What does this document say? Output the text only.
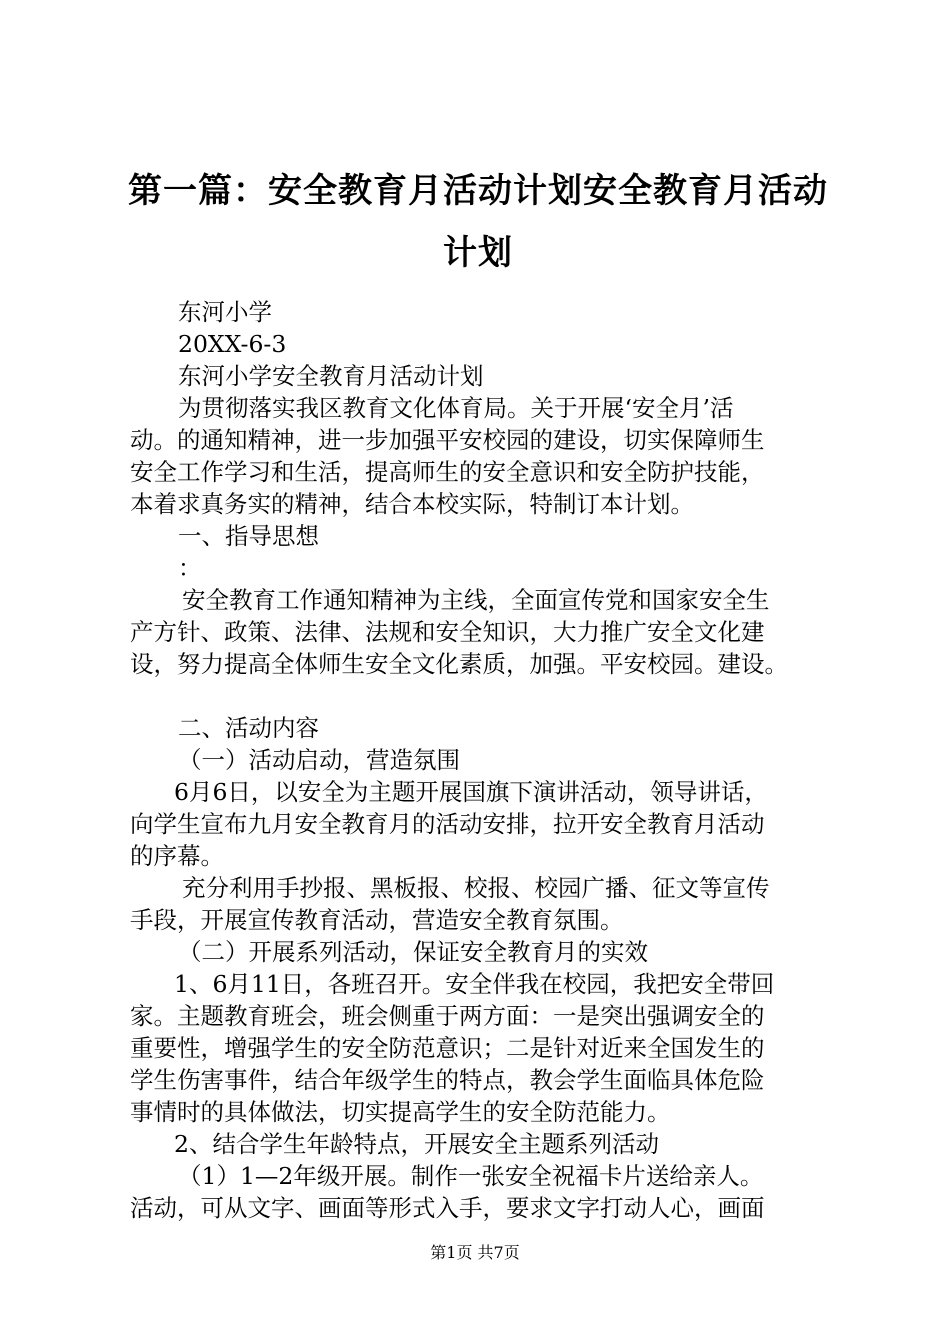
第一篇：安全教育月活动计划安全教育月活动
计划
东河小学
20XX-6-3
东河小学安全教育月活动计划
为贯彻落实我区教育文化体育局。关于开展‘安全月’活
动。的通知精神，进一步加强平安校园的建设，切实保障师生
安全工作学习和生活，提高师生的安全意识和安全防护技能，
本着求真务实的精神，结合本校实际，特制订本计划。
一、指导思想
：
安全教育工作通知精神为主线，全面宣传党和国家安全生
产方针、政策、法律、法规和安全知识，大力推广安全文化建
设，努力提高全体师生安全文化素质，加强。平安校园。建设。
二、活动内容
（一）活动启动，营造氛围
6月6日，以安全为主题开展国旗下演讲活动，领导讲话，
向学生宣布九月安全教育月的活动安排，拉开安全教育月活动
的序幕。
充分利用手抄报、黑板报、校报、校园广播、征文等宣传
手段，开展宣传教育活动，营造安全教育氛围。
（二）开展系列活动，保证安全教育月的实效
1、6月11日，各班召开。安全伴我在校园，我把安全带回
家。主题教育班会，班会侧重于两方面：一是突出强调安全的
重要性，增强学生的安全防范意识；二是针对近来全国发生的
学生伤害事件，结合年级学生的特点，教会学生面临具体危险
事情时的具体做法，切实提高学生的安全防范能力。
2、结合学生年龄特点，开展安全主题系列活动
（1）1—2年级开展。制作一张安全祝福卡片送给亲人。
活动，可从文字、画面等形式入手，要求文字打动人心，画面
第1页 共7页
